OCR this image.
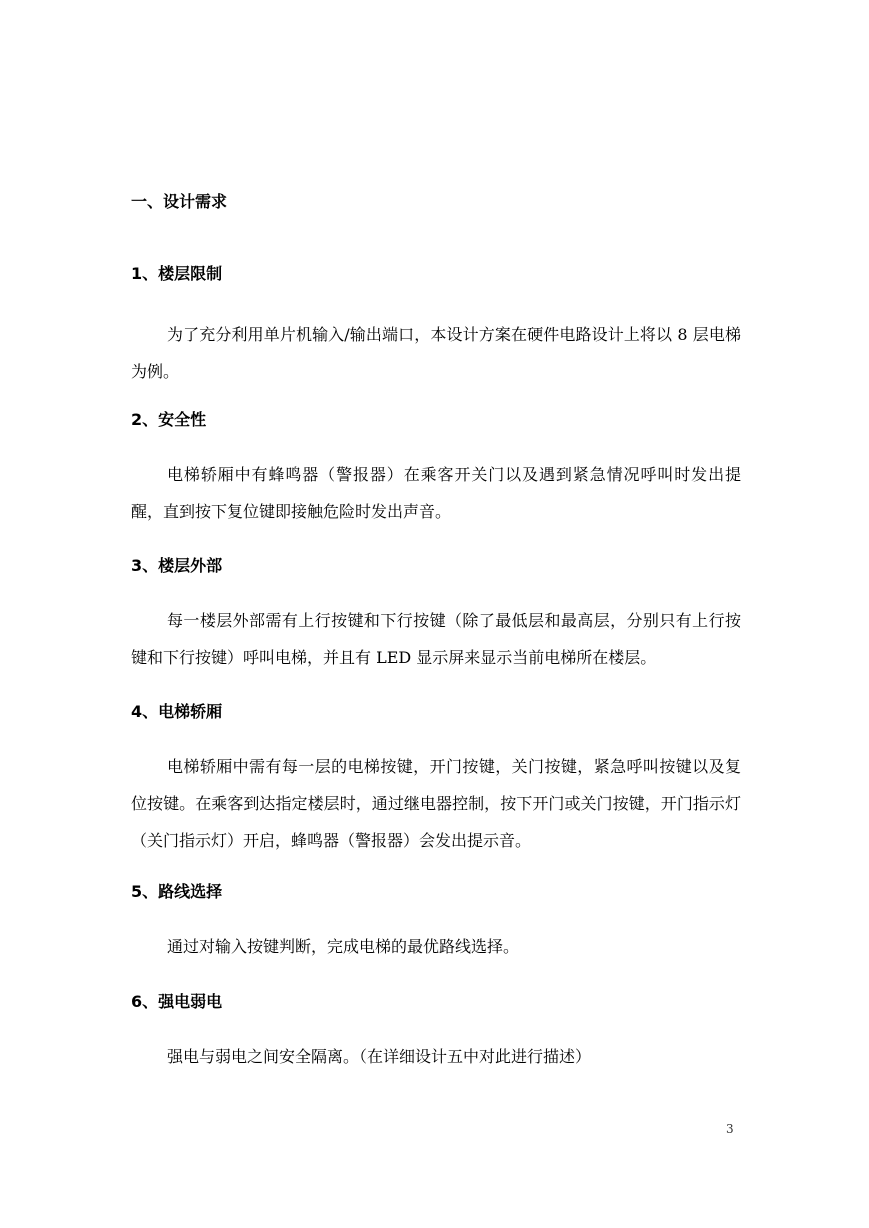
一、设计需求
1、楼层限制
为了充分利用单片机输入/输出端口，本设计方案在硬件电路设计上将以 8 层电梯为例。
2、安全性
电梯轿厢中有蜂鸣器（警报器）在乘客开关门以及遇到紧急情况呼叫时发出提醒，直到按下复位键即接触危险时发出声音。
3、楼层外部
每一楼层外部需有上行按键和下行按键（除了最低层和最高层，分别只有上行按键和下行按键）呼叫电梯，并且有 LED 显示屏来显示当前电梯所在楼层。
4、电梯轿厢
电梯轿厢中需有每一层的电梯按键，开门按键，关门按键，紧急呼叫按键以及复位按键。在乘客到达指定楼层时，通过继电器控制，按下开门或关门按键，开门指示灯（关门指示灯）开启，蜂鸣器（警报器）会发出提示音。
5、路线选择
通过对输入按键判断，完成电梯的最优路线选择。
6、强电弱电
强电与弱电之间安全隔离。（在详细设计五中对此进行描述）
3
